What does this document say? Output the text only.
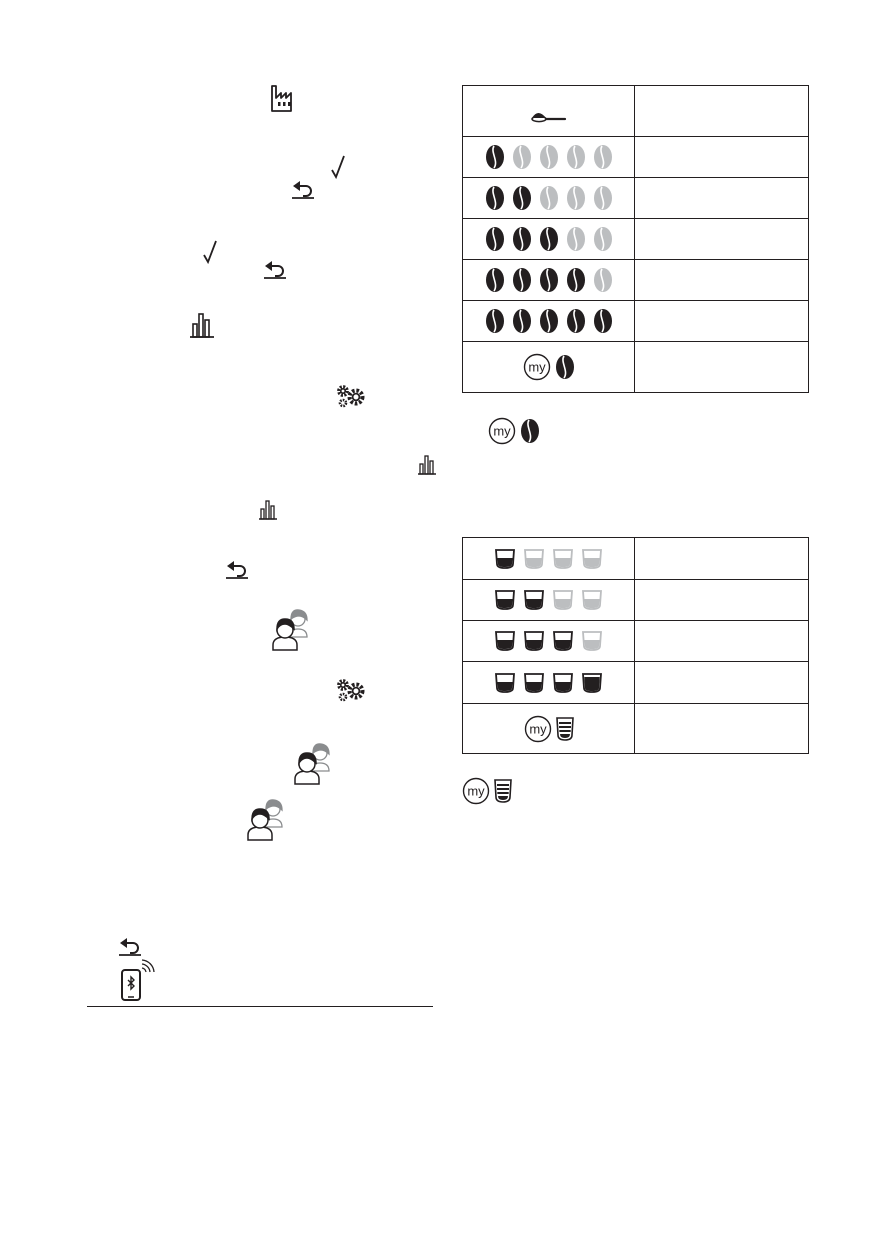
my	

my

my	

my
